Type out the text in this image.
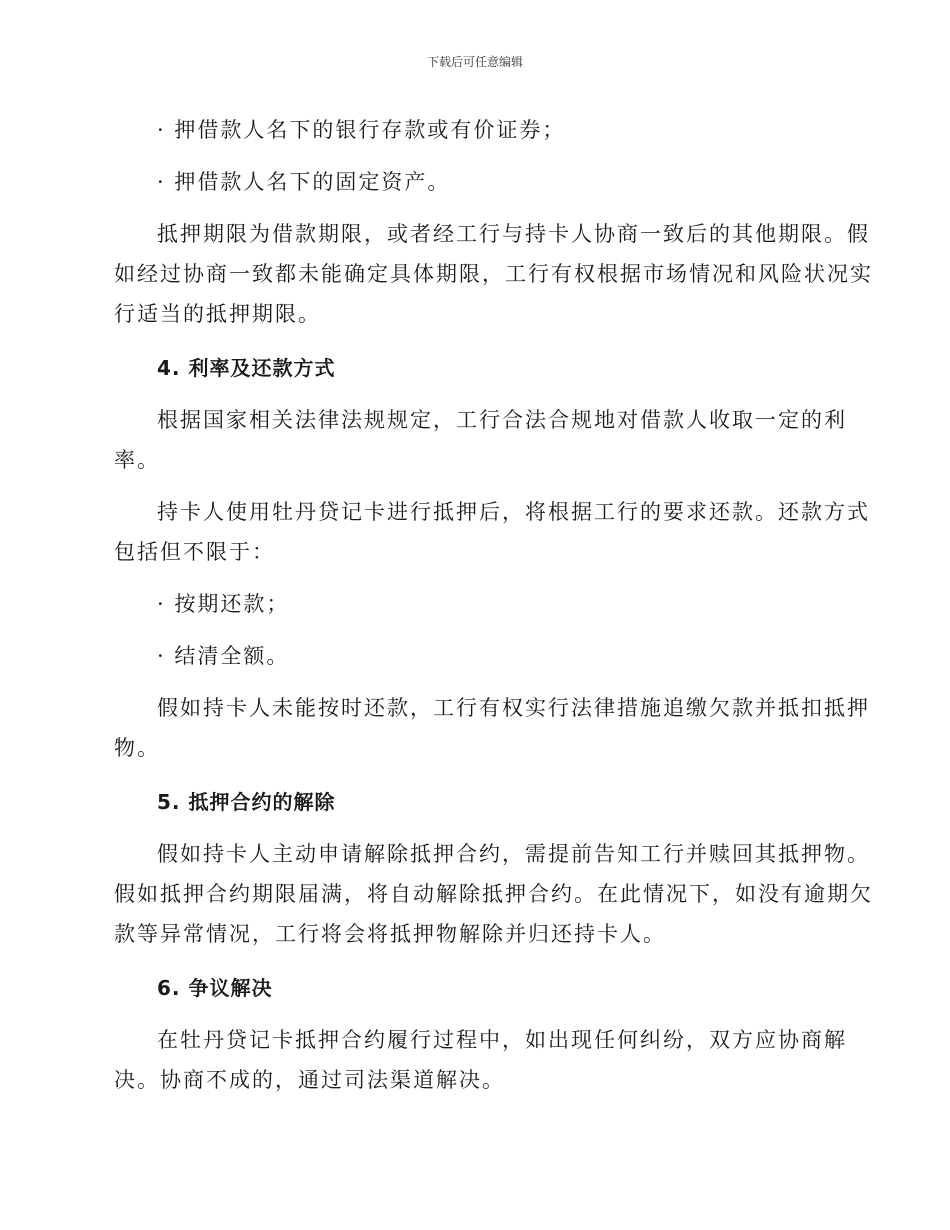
下载后可任意编辑
· 押借款人名下的银行存款或有价证券；
· 押借款人名下的固定资产。
抵押期限为借款期限，或者经工行与持卡人协商一致后的其他期限。假
如经过协商一致都未能确定具体期限，工行有权根据市场情况和风险状况实
行适当的抵押期限。
4. 利率及还款方式
根据国家相关法律法规规定，工行合法合规地对借款人收取一定的利
率。
持卡人使用牡丹贷记卡进行抵押后，将根据工行的要求还款。还款方式
包括但不限于：
· 按期还款；
· 结清全额。
假如持卡人未能按时还款，工行有权实行法律措施追缴欠款并抵扣抵押
物。
5. 抵押合约的解除
假如持卡人主动申请解除抵押合约，需提前告知工行并赎回其抵押物。
假如抵押合约期限届满，将自动解除抵押合约。在此情况下，如没有逾期欠
款等异常情况，工行将会将抵押物解除并归还持卡人。
6. 争议解决
在牡丹贷记卡抵押合约履行过程中，如出现任何纠纷，双方应协商解
决。协商不成的，通过司法渠道解决。
